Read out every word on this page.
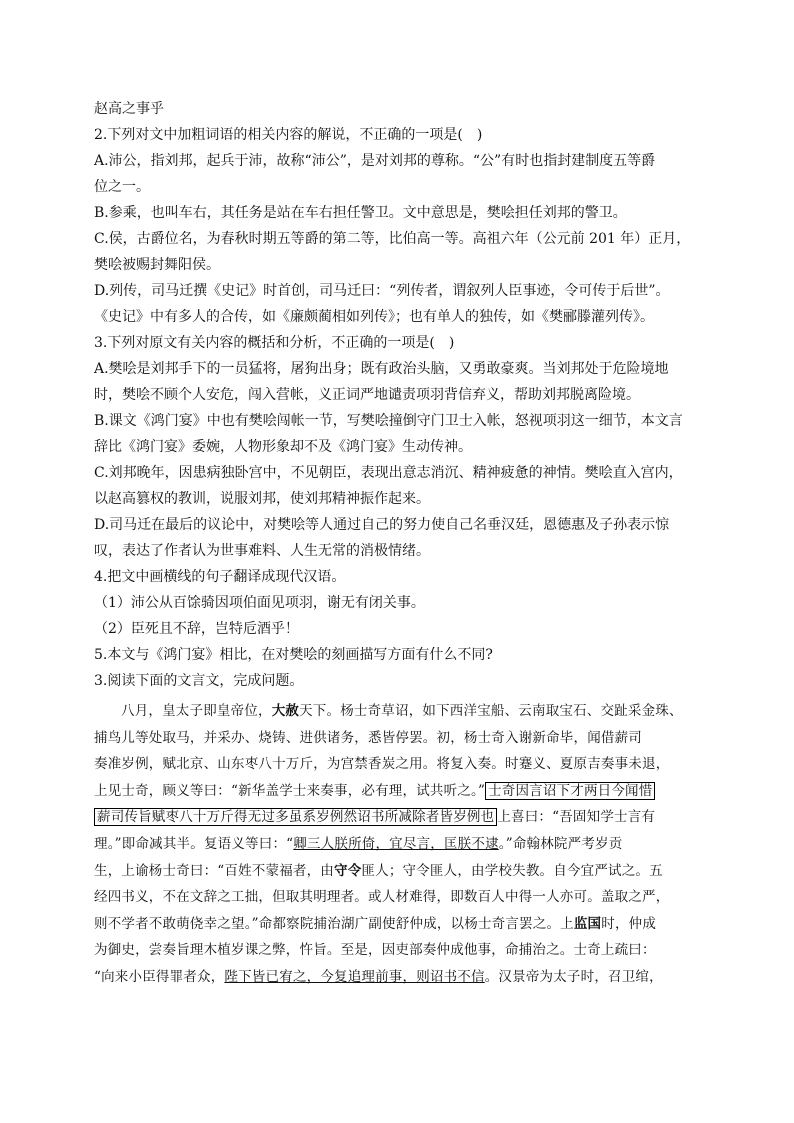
赵高之事乎
2.下列对文中加粗词语的相关内容的解说，不正确的一项是(　)
A.沛公，指刘邦，起兵于沛，故称“沛公”，是对刘邦的尊称。“公”有时也指封建制度五等爵
位之一。
B.参乘，也叫车右，其任务是站在车右担任警卫。文中意思是，樊哙担任刘邦的警卫。
C.侯，古爵位名，为春秋时期五等爵的第二等，比伯高一等。高祖六年（公元前 201 年）正月，
樊哙被赐封舞阳侯。
D.列传，司马迁撰《史记》时首创，司马迁曰：“列传者，谓叙列人臣事迹，令可传于后世”。
《史记》中有多人的合传，如《廉颇蔺相如列传》；也有单人的独传，如《樊郦滕灌列传》。
3.下列对原文有关内容的概括和分析，不正确的一项是(　)
A.樊哙是刘邦手下的一员猛将，屠狗出身；既有政治头脑，又勇敢豪爽。当刘邦处于危险境地
时，樊哙不顾个人安危，闯入营帐，义正词严地谴责项羽背信弃义，帮助刘邦脱离险境。
B.课文《鸿门宴》中也有樊哙闯帐一节，写樊哙撞倒守门卫士入帐，怒视项羽这一细节，本文言
辞比《鸿门宴》委婉，人物形象却不及《鸿门宴》生动传神。
C.刘邦晚年，因患病独卧宫中，不见朝臣，表现出意志消沉、精神疲惫的神情。樊哙直入宫内，
以赵高篡权的教训，说服刘邦，使刘邦精神振作起来。
D.司马迁在最后的议论中，对樊哙等人通过自己的努力使自己名垂汉廷，恩德惠及子孙表示惊
叹，表达了作者认为世事难料、人生无常的消极情绪。
4.把文中画横线的句子翻译成现代汉语。
（1）沛公从百馀骑因项伯面见项羽，谢无有闭关事。
（2）臣死且不辞，岂特卮酒乎！
5.本文与《鸿门宴》相比，在对樊哙的刻画描写方面有什么不同?
3.阅读下面的文言文，完成问题。
八月，皇太子即皇帝位，大赦天下。杨士奇草诏，如下西洋宝船、云南取宝石、交趾采金珠、
捕鸟儿等处取马，并采办、烧铸、进供诸务，悉皆停罢。初，杨士奇入谢新命毕，闻借薪司
奏准岁例，赋北京、山东枣八十万斤，为宫禁香炭之用。将复入奏。时蹇义、夏原吉奏事未退，
上见士奇，顾义等曰：“新华盖学士来奏事，必有理，试共听之。” 士奇因言诏下才两日今闻惜
薪司传旨赋枣八十万斤得无过多虽系岁例然诏书所减除者皆岁例也 上喜曰：“吾固知学士言有
理。”即命减其半。复语义等曰：“卿三人朕所倚，宜尽言，匡朕不逮。”命翰林院严考岁贡
生，上谕杨士奇曰：“百姓不蒙福者，由守令匪人；守令匪人，由学校失教。自今宜严试之。五
经四书义，不在文辞之工拙，但取其明理者。或人材难得，即数百人中得一人亦可。盖取之严，
则不学者不敢萌侥幸之望。”命都察院捕治湖广副使舒仲成，以杨士奇言罢之。上监国时，仲成
为御史，尝奏旨理木植岁课之弊，忤旨。至是，因吏部奏仲成他事，命捕治之。士奇上疏曰：
“向来小臣得罪者众，陛下皆已宥之，今复追理前事，则诏书不信。汉景帝为太子时，召卫绾，
